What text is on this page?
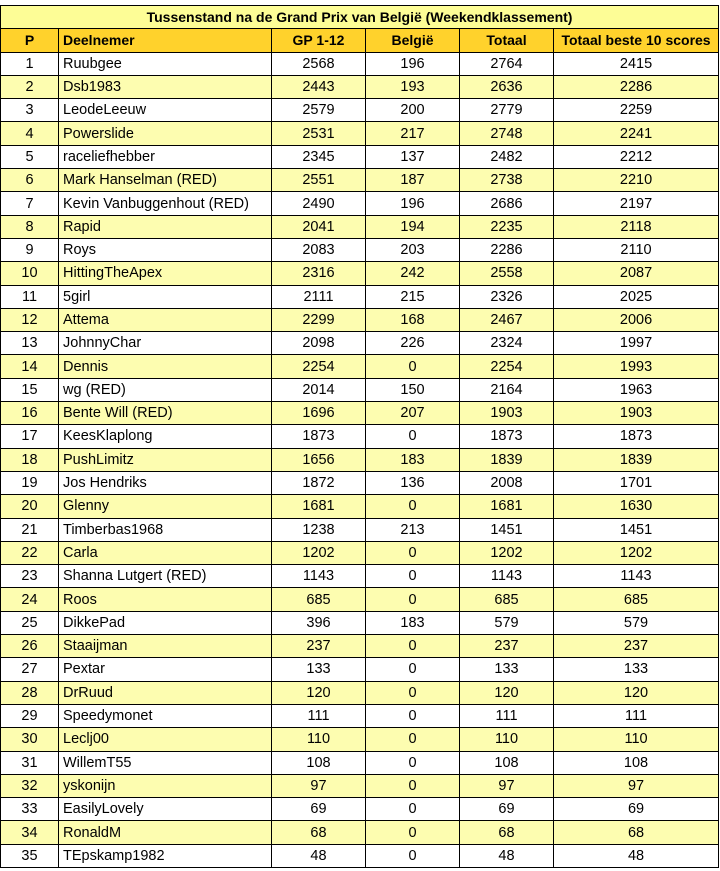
Tussenstand na de Grand Prix van België (Weekendklassement)					
P	Deelnemer	GP 1-12	België	Totaal	Totaal beste 10 scores
1	Ruubgee	2568	196	2764	2415
2	Dsb1983	2443	193	2636	2286
3	LeodeLeeuw	2579	200	2779	2259
4	Powerslide	2531	217	2748	2241
5	raceliefhebber	2345	137	2482	2212
6	Mark Hanselman (RED)	2551	187	2738	2210
7	Kevin Vanbuggenhout (RED)	2490	196	2686	2197
8	Rapid	2041	194	2235	2118
9	Roys	2083	203	2286	2110
10	HittingTheApex	2316	242	2558	2087
11	5girl	2111	215	2326	2025
12	Attema	2299	168	2467	2006
13	JohnnyChar	2098	226	2324	1997
14	Dennis	2254	0	2254	1993
15	wg (RED)	2014	150	2164	1963
16	Bente Will (RED)	1696	207	1903	1903
17	KeesKlaplong	1873	0	1873	1873
18	PushLimitz	1656	183	1839	1839
19	Jos Hendriks	1872	136	2008	1701
20	Glenny	1681	0	1681	1630
21	Timberbas1968	1238	213	1451	1451
22	Carla	1202	0	1202	1202
23	Shanna Lutgert (RED)	1143	0	1143	1143
24	Roos	685	0	685	685
25	DikkePad	396	183	579	579
26	Staaijman	237	0	237	237
27	Pextar	133	0	133	133
28	DrRuud	120	0	120	120
29	Speedymonet	111	0	111	111
30	Leclj00	110	0	110	110
31	WillemT55	108	0	108	108
32	yskonijn	97	0	97	97
33	EasilyLovely	69	0	69	69
34	RonaldM	68	0	68	68
35	TEpskamp1982	48	0	48	48
